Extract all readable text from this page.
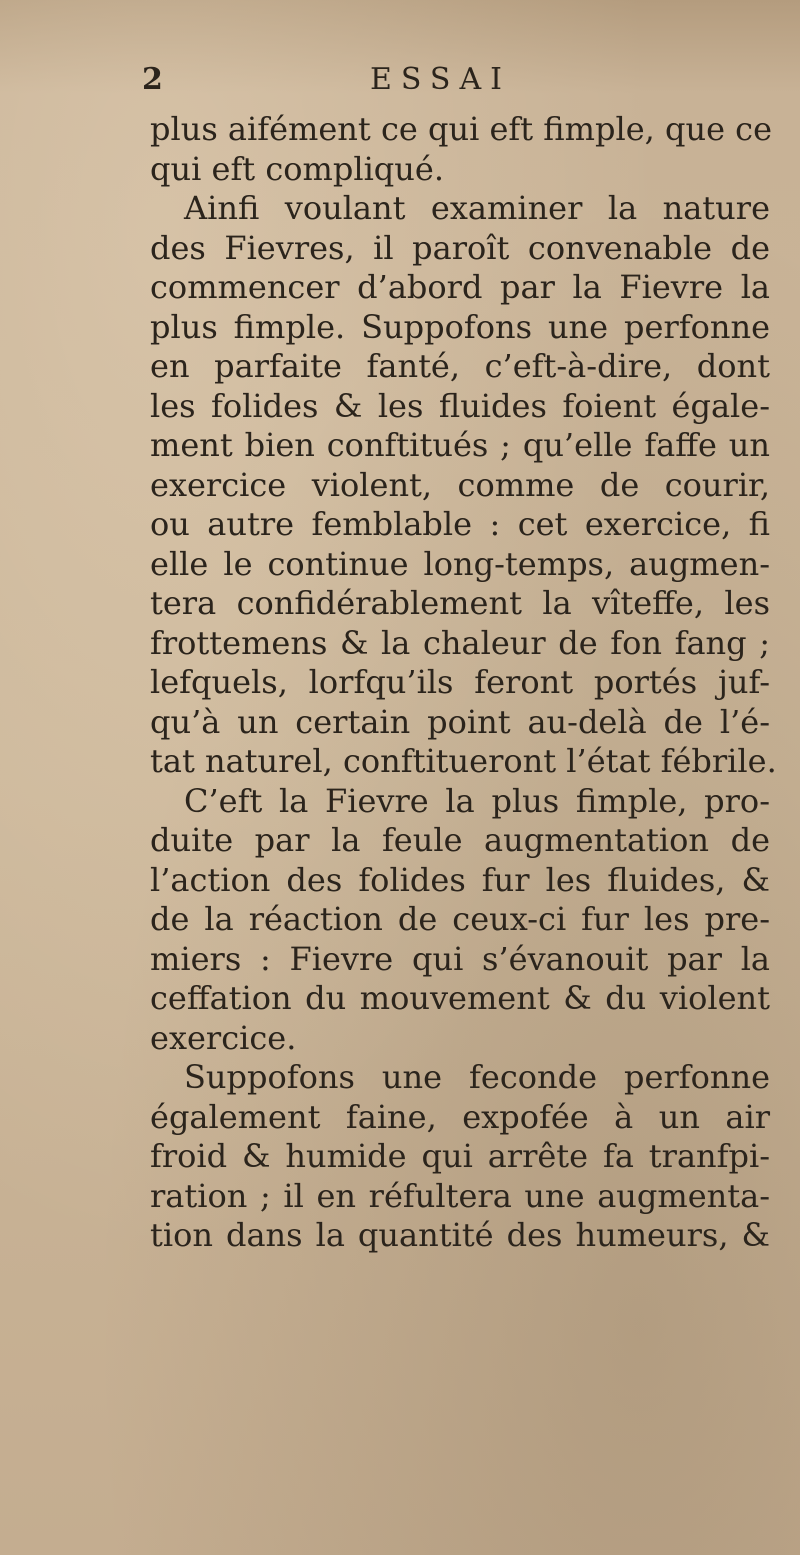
2	ESSAI
plus aifément ce qui eft fimple, que ce
qui eft compliqué.
Ainfi voulant examiner la nature
des Fievres, il paroît convenable de
commencer d’abord par la Fievre la
plus fimple. Suppofons une perfonne
en parfaite fanté, c’eft-à-dire, dont
les folides & les fluides foient égale-
ment bien conftitués ; qu’elle faffe un
exercice violent, comme de courir,
ou autre femblable : cet exercice, fi
elle le continue long-temps, augmen-
tera confidérablement la vîteffe, les
frottemens & la chaleur de fon fang ;
lefquels, lorfqu’ils feront portés juf-
qu’à un certain point au-delà de l’é-
tat naturel, conftitueront l’état fébrile.
C’eft la Fievre la plus fimple, pro-
duite par la feule augmentation de
l’action des folides fur les fluides, &
de la réaction de ceux-ci fur les pre-
miers : Fievre qui s’évanouit par la
ceffation du mouvement & du violent
exercice.
Suppofons une feconde perfonne
également faine, expofée à un air
froid & humide qui arrête fa tranfpi-
ration ; il en réfultera une augmenta-
tion dans la quantité des humeurs, &
